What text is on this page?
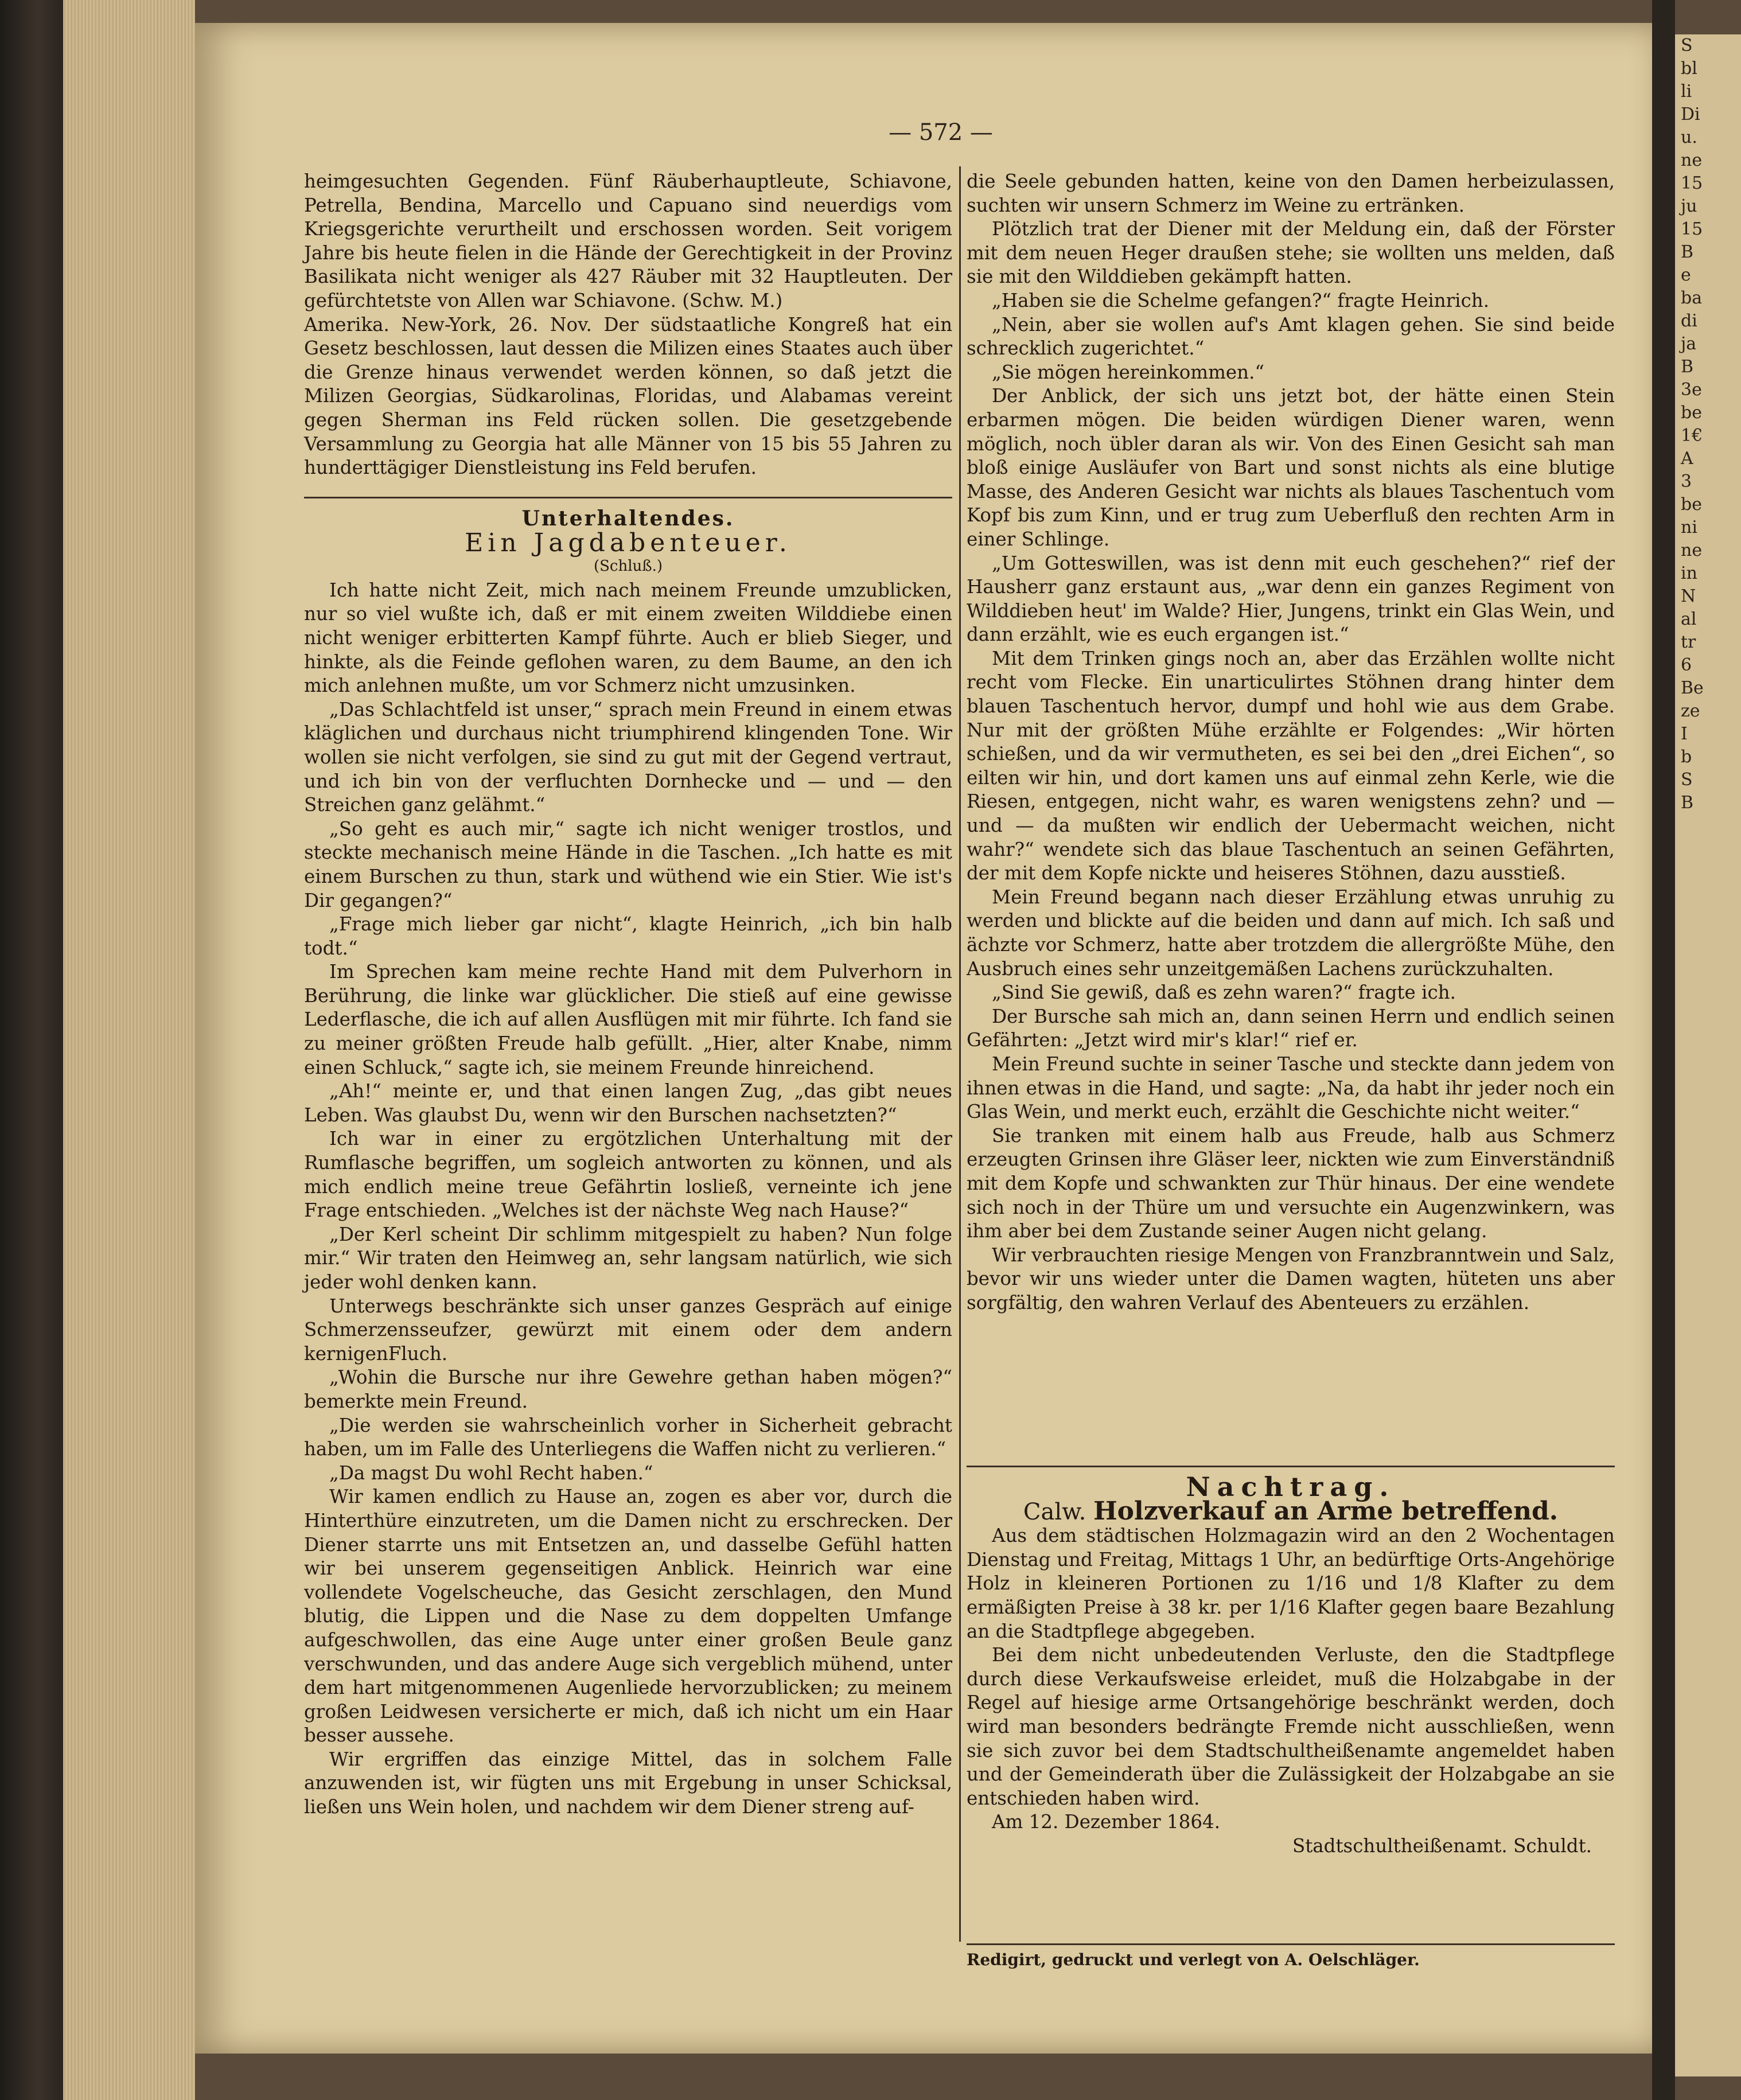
— 572 —

heimgesuchten Gegenden. Fünf Räuberhauptleute, Schiavone, Petrella, Bendina, Marcello und Capuano sind neuerdigs vom Kriegsgerichte verurtheilt und erschossen worden. Seit vorigem Jahre bis heute fielen in die Hände der Gerechtigkeit in der Provinz Basilikata nicht weniger als 427 Räuber mit 32 Hauptleuten. Der gefürchtetste von Allen war Schiavone. (Schw. M.)

Amerika. New-York, 26. Nov. Der südstaatliche Kongreß hat ein Gesetz beschlossen, laut dessen die Milizen eines Staates auch über die Grenze hinaus verwendet werden können, so daß jetzt die Milizen Georgias, Südkarolinas, Floridas, und Alabamas vereint gegen Sherman ins Feld rücken sollen. Die gesetzgebende Versammlung zu Georgia hat alle Männer von 15 bis 55 Jahren zu hunderttägiger Dienstleistung ins Feld berufen.

Unterhaltendes.

Ein Jagdabenteuer.

(Schluß.)

Ich hatte nicht Zeit, mich nach meinem Freunde umzublicken, nur so viel wußte ich, daß er mit einem zweiten Wilddiebe einen nicht weniger erbitterten Kampf führte. Auch er blieb Sieger, und hinkte, als die Feinde geflohen waren, zu dem Baume, an den ich mich anlehnen mußte, um vor Schmerz nicht umzusinken.

„Das Schlachtfeld ist unser,“ sprach mein Freund in einem etwas kläglichen und durchaus nicht triumphirend klingenden Tone. Wir wollen sie nicht verfolgen, sie sind zu gut mit der Gegend vertraut, und ich bin von der verfluchten Dornhecke und — und — den Streichen ganz gelähmt.“

„So geht es auch mir,“ sagte ich nicht weniger trostlos, und steckte mechanisch meine Hände in die Taschen. „Ich hatte es mit einem Burschen zu thun, stark und wüthend wie ein Stier. Wie ist's Dir gegangen?“

„Frage mich lieber gar nicht“, klagte Heinrich, „ich bin halb todt.“

Im Sprechen kam meine rechte Hand mit dem Pulverhorn in Berührung, die linke war glücklicher. Die stieß auf eine gewisse Lederflasche, die ich auf allen Ausflügen mit mir führte. Ich fand sie zu meiner größten Freude halb gefüllt. „Hier, alter Knabe, nimm einen Schluck,“ sagte ich, sie meinem Freunde hinreichend.

„Ah!“ meinte er, und that einen langen Zug, „das gibt neues Leben. Was glaubst Du, wenn wir den Burschen nachsetzten?“

Ich war in einer zu ergötzlichen Unterhaltung mit der Rumflasche begriffen, um sogleich antworten zu können, und als mich endlich meine treue Gefährtin losließ, verneinte ich jene Frage entschieden. „Welches ist der nächste Weg nach Hause?“

„Der Kerl scheint Dir schlimm mitgespielt zu haben? Nun folge mir.“ Wir traten den Heimweg an, sehr langsam natürlich, wie sich jeder wohl denken kann.

Unterwegs beschränkte sich unser ganzes Gespräch auf einige Schmerzensseufzer, gewürzt mit einem oder dem andern kernigenFluch.

„Wohin die Bursche nur ihre Gewehre gethan haben mögen?“ bemerkte mein Freund.

„Die werden sie wahrscheinlich vorher in Sicherheit gebracht haben, um im Falle des Unterliegens die Waffen nicht zu verlieren.“

„Da magst Du wohl Recht haben.“

Wir kamen endlich zu Hause an, zogen es aber vor, durch die Hinterthüre einzutreten, um die Damen nicht zu erschrecken. Der Diener starrte uns mit Entsetzen an, und dasselbe Gefühl hatten wir bei unserem gegenseitigen Anblick. Heinrich war eine vollendete Vogelscheuche, das Gesicht zerschlagen, den Mund blutig, die Lippen und die Nase zu dem doppelten Umfange aufgeschwollen, das eine Auge unter einer großen Beule ganz verschwunden, und das andere Auge sich vergeblich mühend, unter dem hart mitgenommenen Augenliede hervorzublicken; zu meinem großen Leidwesen versicherte er mich, daß ich nicht um ein Haar besser aussehe.

Wir ergriffen das einzige Mittel, das in solchem Falle anzuwenden ist, wir fügten uns mit Ergebung in unser Schicksal, ließen uns Wein holen, und nachdem wir dem Diener streng auf-

die Seele gebunden hatten, keine von den Damen herbeizulassen, suchten wir unsern Schmerz im Weine zu ertränken.

Plötzlich trat der Diener mit der Meldung ein, daß der Förster mit dem neuen Heger draußen stehe; sie wollten uns melden, daß sie mit den Wilddieben gekämpft hatten.

„Haben sie die Schelme gefangen?“ fragte Heinrich.

„Nein, aber sie wollen auf's Amt klagen gehen. Sie sind beide schrecklich zugerichtet.“

„Sie mögen hereinkommen.“

Der Anblick, der sich uns jetzt bot, der hätte einen Stein erbarmen mögen. Die beiden würdigen Diener waren, wenn möglich, noch übler daran als wir. Von des Einen Gesicht sah man bloß einige Ausläufer von Bart und sonst nichts als eine blutige Masse, des Anderen Gesicht war nichts als blaues Taschentuch vom Kopf bis zum Kinn, und er trug zum Ueberfluß den rechten Arm in einer Schlinge.

„Um Gotteswillen, was ist denn mit euch geschehen?“ rief der Hausherr ganz erstaunt aus, „war denn ein ganzes Regiment von Wilddieben heut' im Walde? Hier, Jungens, trinkt ein Glas Wein, und dann erzählt, wie es euch ergangen ist.“

Mit dem Trinken gings noch an, aber das Erzählen wollte nicht recht vom Flecke. Ein unarticulirtes Stöhnen drang hinter dem blauen Taschentuch hervor, dumpf und hohl wie aus dem Grabe. Nur mit der größten Mühe erzählte er Folgendes: „Wir hörten schießen, und da wir vermutheten, es sei bei den „drei Eichen“, so eilten wir hin, und dort kamen uns auf einmal zehn Kerle, wie die Riesen, entgegen, nicht wahr, es waren wenigstens zehn? und — und — da mußten wir endlich der Uebermacht weichen, nicht wahr?“ wendete sich das blaue Taschentuch an seinen Gefährten, der mit dem Kopfe nickte und heiseres Stöhnen, dazu ausstieß.

Mein Freund begann nach dieser Erzählung etwas unruhig zu werden und blickte auf die beiden und dann auf mich. Ich saß und ächzte vor Schmerz, hatte aber trotzdem die allergrößte Mühe, den Ausbruch eines sehr unzeitgemäßen Lachens zurückzuhalten.

„Sind Sie gewiß, daß es zehn waren?“ fragte ich.

Der Bursche sah mich an, dann seinen Herrn und endlich seinen Gefährten: „Jetzt wird mir's klar!“ rief er.

Mein Freund suchte in seiner Tasche und steckte dann jedem von ihnen etwas in die Hand, und sagte: „Na, da habt ihr jeder noch ein Glas Wein, und merkt euch, erzählt die Geschichte nicht weiter.“

Sie tranken mit einem halb aus Freude, halb aus Schmerz erzeugten Grinsen ihre Gläser leer, nickten wie zum Einverständniß mit dem Kopfe und schwankten zur Thür hinaus. Der eine wendete sich noch in der Thüre um und versuchte ein Augenzwinkern, was ihm aber bei dem Zustande seiner Augen nicht gelang.

Wir verbrauchten riesige Mengen von Franzbranntwein und Salz, bevor wir uns wieder unter die Damen wagten, hüteten uns aber sorgfältig, den wahren Verlauf des Abenteuers zu erzählen.

Nachtrag.

Calw. Holzverkauf an Arme betreffend.

Aus dem städtischen Holzmagazin wird an den 2 Wochentagen Dienstag und Freitag, Mittags 1 Uhr, an bedürftige Orts-Angehörige Holz in kleineren Portionen zu 1/16 und 1/8 Klafter zu dem ermäßigten Preise à 38 kr. per 1/16 Klafter gegen baare Bezahlung an die Stadtpflege abgegeben.

Bei dem nicht unbedeutenden Verluste, den die Stadtpflege durch diese Verkaufsweise erleidet, muß die Holzabgabe in der Regel auf hiesige arme Ortsangehörige beschränkt werden, doch wird man besonders bedrängte Fremde nicht ausschließen, wenn sie sich zuvor bei dem Stadtschultheißenamte angemeldet haben und der Gemeinderath über die Zulässigkeit der Holzabgabe an sie entschieden haben wird.

Am 12. Dezember 1864.

Stadtschultheißenamt. Schuldt.

Redigirt, gedruckt und verlegt von A. Oelschläger.
S
bl
li
Di
u.
ne
15
ju
15
B
e
ba
di
ja
B
3e
be
1€
A
3
be
ni
ne
in
N
al
tr
6
Be
ze
I
b
S
B
